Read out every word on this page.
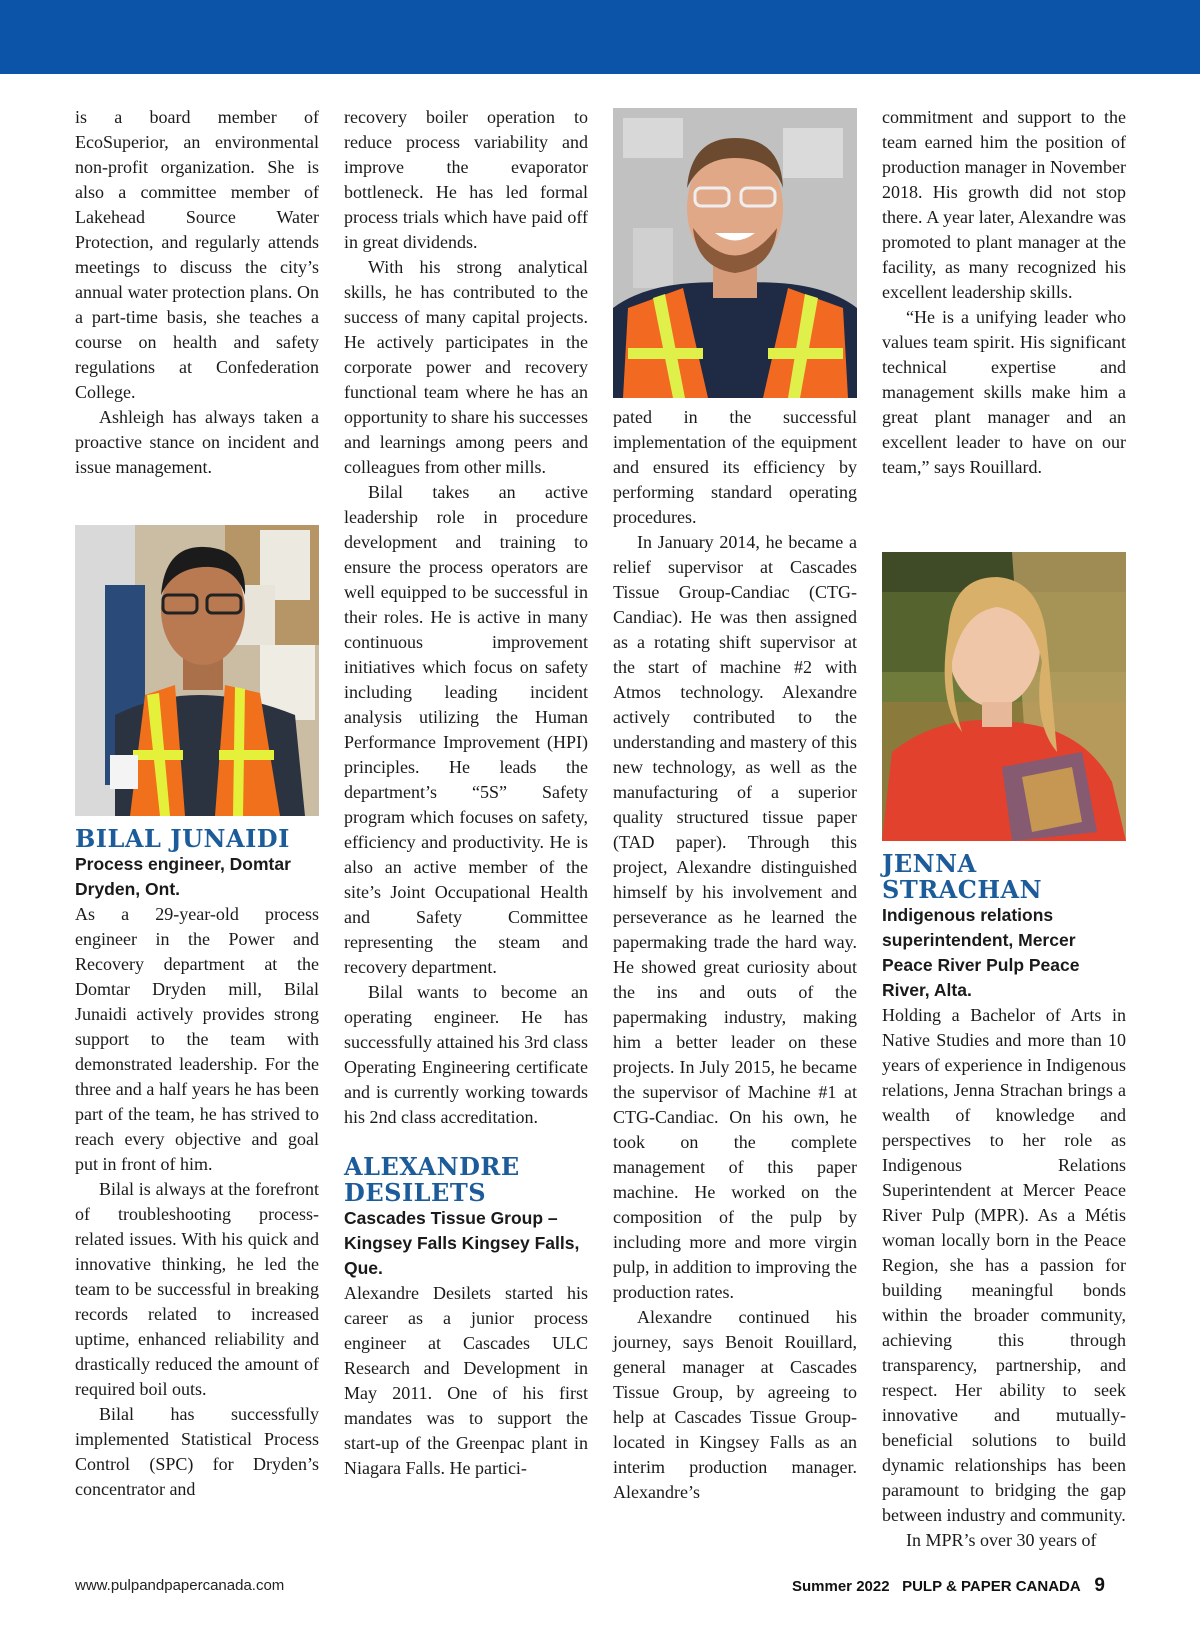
is a board member of EcoSuperior, an environmental non-profit organization. She is also a committee member of Lakehead Source Water Protection, and regularly attends meetings to discuss the city’s annual water protection plans. On a part-time basis, she teaches a course on health and safety regulations at Confederation College.

Ashleigh has always taken a proactive stance on incident and issue management.

BILAL JUNAIDI

Process engineer, Domtar Dryden, Ont.

As a 29-year-old process engineer in the Power and Recovery department at the Domtar Dryden mill, Bilal Junaidi actively provides strong support to the team with demonstrated leadership. For the three and a half years he has been part of the team, he has strived to reach every objective and goal put in front of him.

Bilal is always at the forefront of troubleshooting process-related issues. With his quick and innovative thinking, he led the team to be successful in breaking records related to increased uptime, enhanced reliability and drastically reduced the amount of required boil outs.

Bilal has successfully implemented Statistical Process Control (SPC) for Dryden’s concentrator and

recovery boiler operation to reduce process variability and improve the evaporator bottleneck. He has led formal process trials which have paid off in great dividends.

With his strong analytical skills, he has contributed to the success of many capital projects. He actively participates in the corporate power and recovery functional team where he has an opportunity to share his successes and learnings among peers and colleagues from other mills.

Bilal takes an active leadership role in procedure development and training to ensure the process operators are well equipped to be successful in their roles. He is active in many continuous improvement initiatives which focus on safety including leading incident analysis utilizing the Human Performance Improvement (HPI) principles. He leads the department’s “5S” Safety program which focuses on safety, efficiency and productivity. He is also an active member of the site’s Joint Occupational Health and Safety Committee representing the steam and recovery department.

Bilal wants to become an operating engineer. He has successfully attained his 3rd class Operating Engineering certificate and is currently working towards his 2nd class accreditation.

ALEXANDRE DESILETS

Cascades Tissue Group – Kingsey Falls Kingsey Falls, Que.

Alexandre Desilets started his career as a junior process engineer at Cascades ULC Research and Development in May 2011. One of his first mandates was to support the start-up of the Greenpac plant in Niagara Falls. He partici-

pated in the successful implementation of the equipment and ensured its efficiency by performing standard operating procedures.

In January 2014, he became a relief supervisor at Cascades Tissue Group-Candiac (CTG-Candiac). He was then assigned as a rotating shift supervisor at the start of machine #2 with Atmos technology. Alexandre actively contributed to the understanding and mastery of this new technology, as well as the manufacturing of a superior quality structured tissue paper (TAD paper). Through this project, Alexandre distinguished himself by his involvement and perseverance as he learned the papermaking trade the hard way. He showed great curiosity about the ins and outs of the papermaking industry, making him a better leader on these projects. In July 2015, he became the supervisor of Machine #1 at CTG-Candiac. On his own, he took on the complete management of this paper machine. He worked on the composition of the pulp by including more and more virgin pulp, in addition to improving the production rates.

Alexandre continued his journey, says Benoit Rouillard, general manager at Cascades Tissue Group, by agreeing to help at Cascades Tissue Group-located in Kingsey Falls as an interim production manager. Alexandre’s

commitment and support to the team earned him the position of production manager in November 2018. His growth did not stop there. A year later, Alexandre was promoted to plant manager at the facility, as many recognized his excellent leadership skills.

“He is a unifying leader who values team spirit. His significant technical expertise and management skills make him a great plant manager and an excellent leader to have on our team,” says Rouillard.

JENNA STRACHAN

Indigenous relations superintendent, Mercer Peace River Pulp Peace River, Alta.

Holding a Bachelor of Arts in Native Studies and more than 10 years of experience in Indigenous relations, Jenna Strachan brings a wealth of knowledge and perspectives to her role as Indigenous Relations Superintendent at Mercer Peace River Pulp (MPR). As a Métis woman locally born in the Peace Region, she has a passion for building meaningful bonds within the broader community, achieving this through transparency, partnership, and respect. Her ability to seek innovative and mutually-beneficial solutions to build dynamic relationships has been paramount to bridging the gap between industry and community.

In MPR’s over 30 years of

www.pulpandpapercanada.com	Summer 2022 PULP & PAPER CANADA 9
